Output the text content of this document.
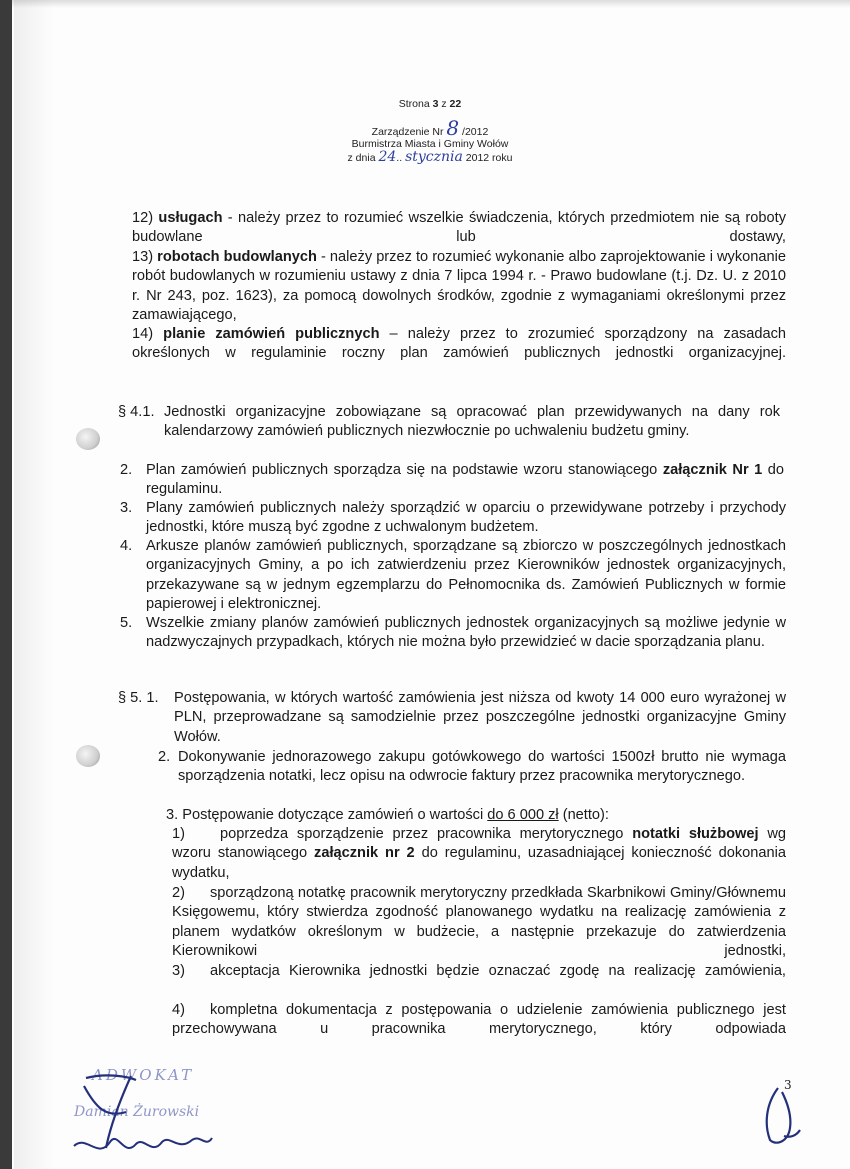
Strona 3 z 22
Zarządzenie Nr 8 /2012
Burmistrza Miasta i Gminy Wołów
z dnia 24.. stycznia 2012 roku
12) usługach - należy przez to rozumieć wszelkie świadczenia, których przedmiotem nie są roboty budowlane lub dostawy,
13) robotach budowlanych - należy przez to rozumieć wykonanie albo zaprojektowanie i wykonanie robót budowlanych w rozumieniu ustawy z dnia 7 lipca 1994 r. - Prawo budowlane (t.j. Dz. U. z 2010 r. Nr 243, poz. 1623), za pomocą dowolnych środków, zgodnie z wymaganiami określonymi przez zamawiającego,
14) planie zamówień publicznych – należy przez to zrozumieć sporządzony na zasadach określonych w regulaminie roczny plan zamówień publicznych jednostki organizacyjnej.
§ 4.1. Jednostki organizacyjne zobowiązane są opracować plan przewidywanych na dany rok kalendarzowy zamówień publicznych niezwłocznie po uchwaleniu budżetu gminy.
2. Plan zamówień publicznych sporządza się na podstawie wzoru stanowiącego załącznik Nr 1 do regulaminu.
3. Plany zamówień publicznych należy sporządzić w oparciu o przewidywane potrzeby i przychody jednostki, które muszą być zgodne z uchwalonym budżetem.
4. Arkusze planów zamówień publicznych, sporządzane są zbiorczo w poszczególnych jednostkach organizacyjnych Gminy, a po ich zatwierdzeniu przez Kierowników jednostek organizacyjnych, przekazywane są w jednym egzemplarzu do Pełnomocnika ds. Zamówień Publicznych w formie papierowej i elektronicznej.
5. Wszelkie zmiany planów zamówień publicznych jednostek organizacyjnych są możliwe jedynie w nadzwyczajnych przypadkach, których nie można było przewidzieć w dacie sporządzania planu.
§ 5. 1.	Postępowania, w których wartość zamówienia jest niższa od kwoty 14 000 euro wyrażonej w PLN, przeprowadzane są samodzielnie przez poszczególne jednostki organizacyjne Gminy Wołów.
2. Dokonywanie jednorazowego zakupu gotówkowego do wartości 1500zł brutto nie wymaga sporządzenia notatki, lecz opisu na odwrocie faktury przez pracownika merytorycznego.
3. Postępowanie dotyczące zamówień o wartości do 6 000 zł (netto):
1) poprzedza sporządzenie przez pracownika merytorycznego notatki służbowej wg wzoru stanowiącego załącznik nr 2 do regulaminu, uzasadniającej konieczność dokonania wydatku,
2) sporządzoną notatkę pracownik merytoryczny przedkłada Skarbnikowi Gminy/Głównemu Księgowemu, który stwierdza zgodność planowanego wydatku na realizację zamówienia z planem wydatków określonym w budżecie, a następnie przekazuje do zatwierdzenia Kierownikowi jednostki,
3) akceptacja Kierownika jednostki będzie oznaczać zgodę na realizację zamówienia,
4) kompletna dokumentacja z postępowania o udzielenie zamówienia publicznego jest przechowywana u pracownika merytorycznego, który odpowiada
ADWOKAT
Damian Żurowski
3
